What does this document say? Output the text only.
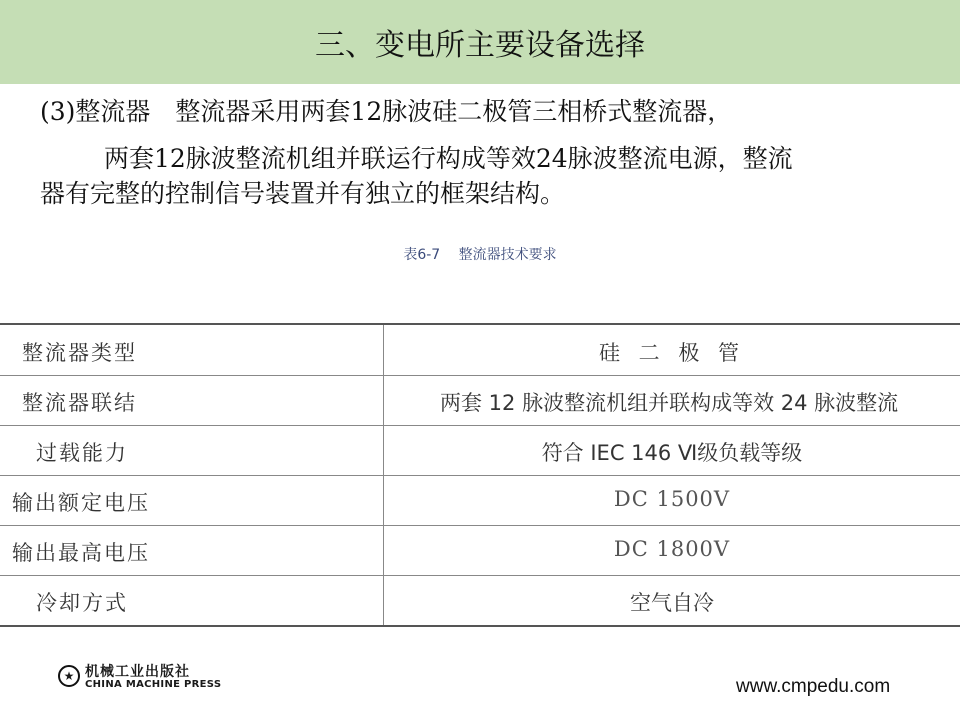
三、变电所主要设备选择
(3)整流器　整流器采用两套12脉波硅二极管三相桥式整流器，
两套12脉波整流机组并联运行构成等效24脉波整流电源，整流
器有完整的控制信号装置并有独立的框架结构。
表6-7 整流器技术要求
整流器类型	硅 二 极 管
整流器联结	两套 12 脉波整流机组并联构成等效 24 脉波整流
过载能力	符合 IEC 146 Ⅵ级负载等级
输出额定电压	DC 1500V
输出最高电压	DC 1800V
冷却方式	空气自冷
★ 机械工业出版社
CHINA MACHINE PRESS	www.cmpedu.com
